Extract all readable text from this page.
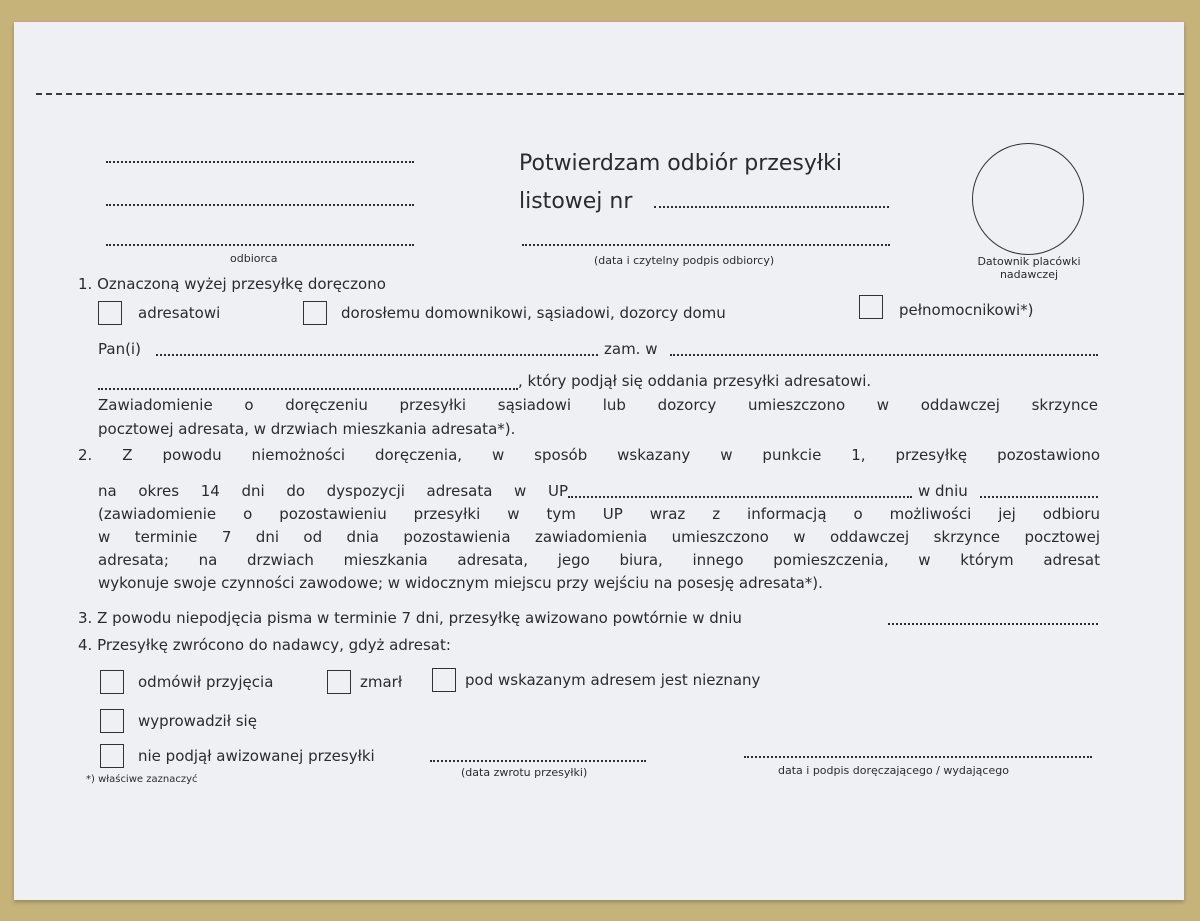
odbiorca
Potwierdzam odbiór przesyłki
listowej nr
(data i czytelny podpis odbiorcy)	Datownik placówki
nadawczej
1. Oznaczoną wyżej przesyłkę doręczono
adresatowi	dorosłemu domownikowi, sąsiadowi, dozorcy domu	pełnomocnikowi*)
Pan(i)	zam. w
, który podjął się oddania przesyłki adresatowi.
Zawiadomienie o doręczeniu przesyłki sąsiadowi lub dozorcy umieszczono w oddawczej skrzynce
pocztowej adresata, w drzwiach mieszkania adresata*).
2. Z powodu niemożności doręczenia, w sposób wskazany w punkcie 1, przesyłkę pozostawiono
na okres 14 dni do dyspozycji adresata w UP	w dniu
(zawiadomienie o pozostawieniu przesyłki w tym UP wraz z informacją o możliwości jej odbioru
w terminie 7 dni od dnia pozostawienia zawiadomienia umieszczono w oddawczej skrzynce pocztowej
adresata; na drzwiach mieszkania adresata, jego biura, innego pomieszczenia, w którym adresat
wykonuje swoje czynności zawodowe; w widocznym miejscu przy wejściu na posesję adresata*).
3. Z powodu niepodjęcia pisma w terminie 7 dni, przesyłkę awizowano powtórnie w dniu
4. Przesyłkę zwrócono do nadawcy, gdyż adresat:
odmówił przyjęcia	zmarł	pod wskazanym adresem jest nieznany
wyprowadził się
nie podjął awizowanej przesyłki
(data zwrotu przesyłki)	data i podpis doręczającego / wydającego
*) właściwe zaznaczyć
